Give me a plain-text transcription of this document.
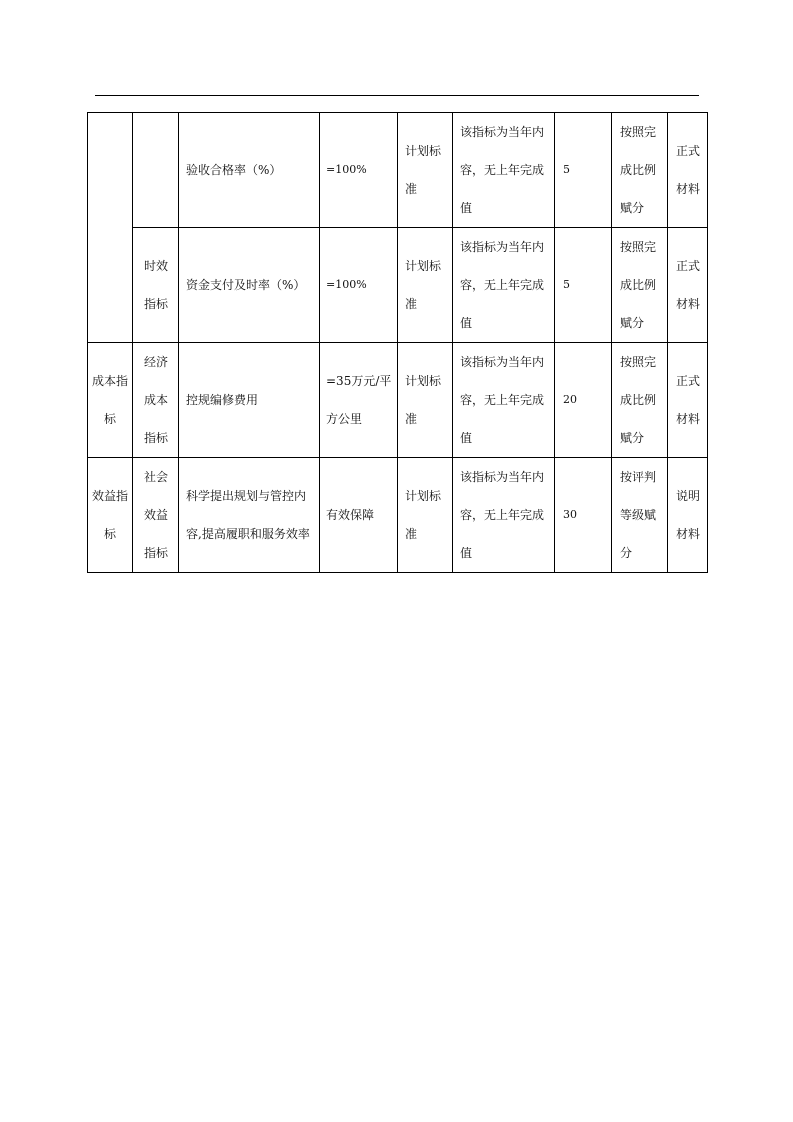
		验收合格率（%）	=100%	计划标准	该指标为当年内容，无上年完成值	5	按照完成比例赋分	正式材料
	时效指标	资金支付及时率（%）	=100%	计划标准	该指标为当年内容，无上年完成值	5	按照完成比例赋分	正式材料
成本指标	经济成本指标	控规编修费用	=35万元/平方公里	计划标准	该指标为当年内容，无上年完成值	20	按照完成比例赋分	正式材料
效益指标	社会效益指标	科学提出规划与管控内容,提高履职和服务效率	有效保障	计划标准	该指标为当年内容，无上年完成值	30	按评判等级赋分	说明材料
